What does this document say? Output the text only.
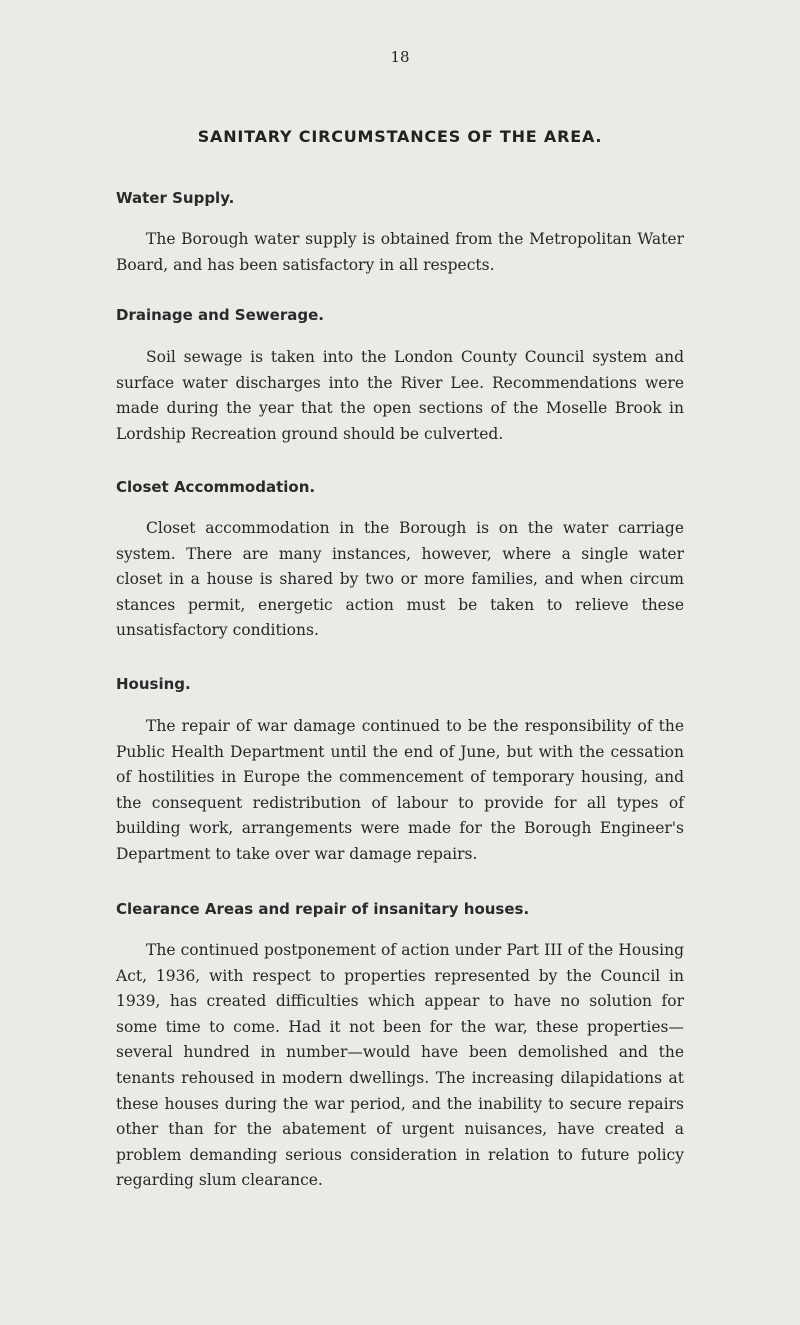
18
SANITARY CIRCUMSTANCES OF THE AREA.
Water Supply.

The Borough water supply is obtained from the Metropolitan Water Board, and has been satisfactory in all respects.

Drainage and Sewerage.

Soil sewage is taken into the London County Council system and surface water discharges into the River Lee. Recommendations were made during the year that the open sections of the Moselle Brook in Lordship Recreation ground should be culverted.

Closet Accommodation.

Closet accommodation in the Borough is on the water carriage system. There are many instances, however, where a single water closet in a house is shared by two or more families, and when circum stances permit, energetic action must be taken to relieve these unsatisfactory conditions.

Housing.

The repair of war damage continued to be the responsibility of the Public Health Department until the end of June, but with the cessation of hostilities in Europe the commencement of temporary housing, and the consequent redistribution of labour to provide for all types of building work, arrangements were made for the Borough Engineer's Department to take over war damage repairs.

Clearance Areas and repair of insanitary houses.

The continued postponement of action under Part III of the Housing Act, 1936, with respect to properties represented by the Council in 1939, has created difficulties which appear to have no solution for some time to come. Had it not been for the war, these properties—several hundred in number—would have been demolished and the tenants rehoused in modern dwellings. The increasing dilapidations at these houses during the war period, and the inability to secure repairs other than for the abatement of urgent nuisances, have created a problem demanding serious consideration in relation to future policy regarding slum clearance.
